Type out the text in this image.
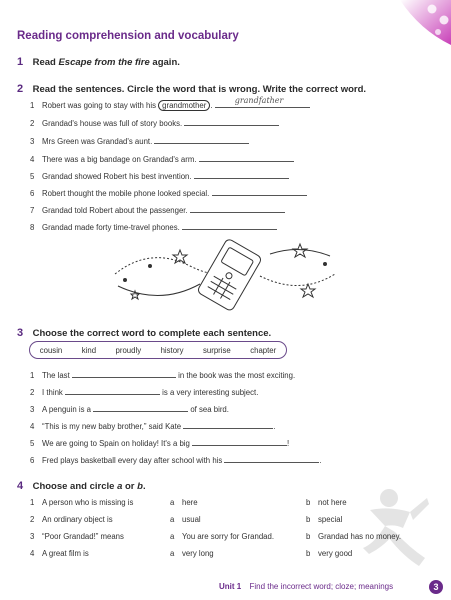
Reading comprehension and vocabulary
1 Read Escape from the fire again.
2 Read the sentences. Circle the word that is wrong. Write the correct word.
1 Robert was going to stay with his grandmother .
grandfather
2 Grandad's house was full of story books.
3 Mrs Green was Grandad's aunt.
4 There was a big bandage on Grandad's arm.
5 Grandad showed Robert his best invention.
6 Robert thought the mobile phone looked special.
7 Grandad told Robert about the passenger.
8 Grandad made forty time-travel phones.
3 Choose the correct word to complete each sentence.
cousin kind proudly history surprise chapter
1 The last	in the book was the most exciting.
2 I think	is a very interesting subject.
3 A penguin is a	of sea bird.
4 “This is my new baby brother,” said Kate	.
5 We are going to Spain on holiday! It's a big	!
6 Fred plays basketball every day after school with his	.
4 Choose and circle a or b.
1 A person who is missing is	a here	b not here
2 An ordinary object is	a usual	b special
3 “Poor Grandad!” means	a You are sorry for Grandad.	b Grandad has no money.
4 A great film is	a very long	b very good
Unit 1 Find the incorrect word; cloze; meanings	3
